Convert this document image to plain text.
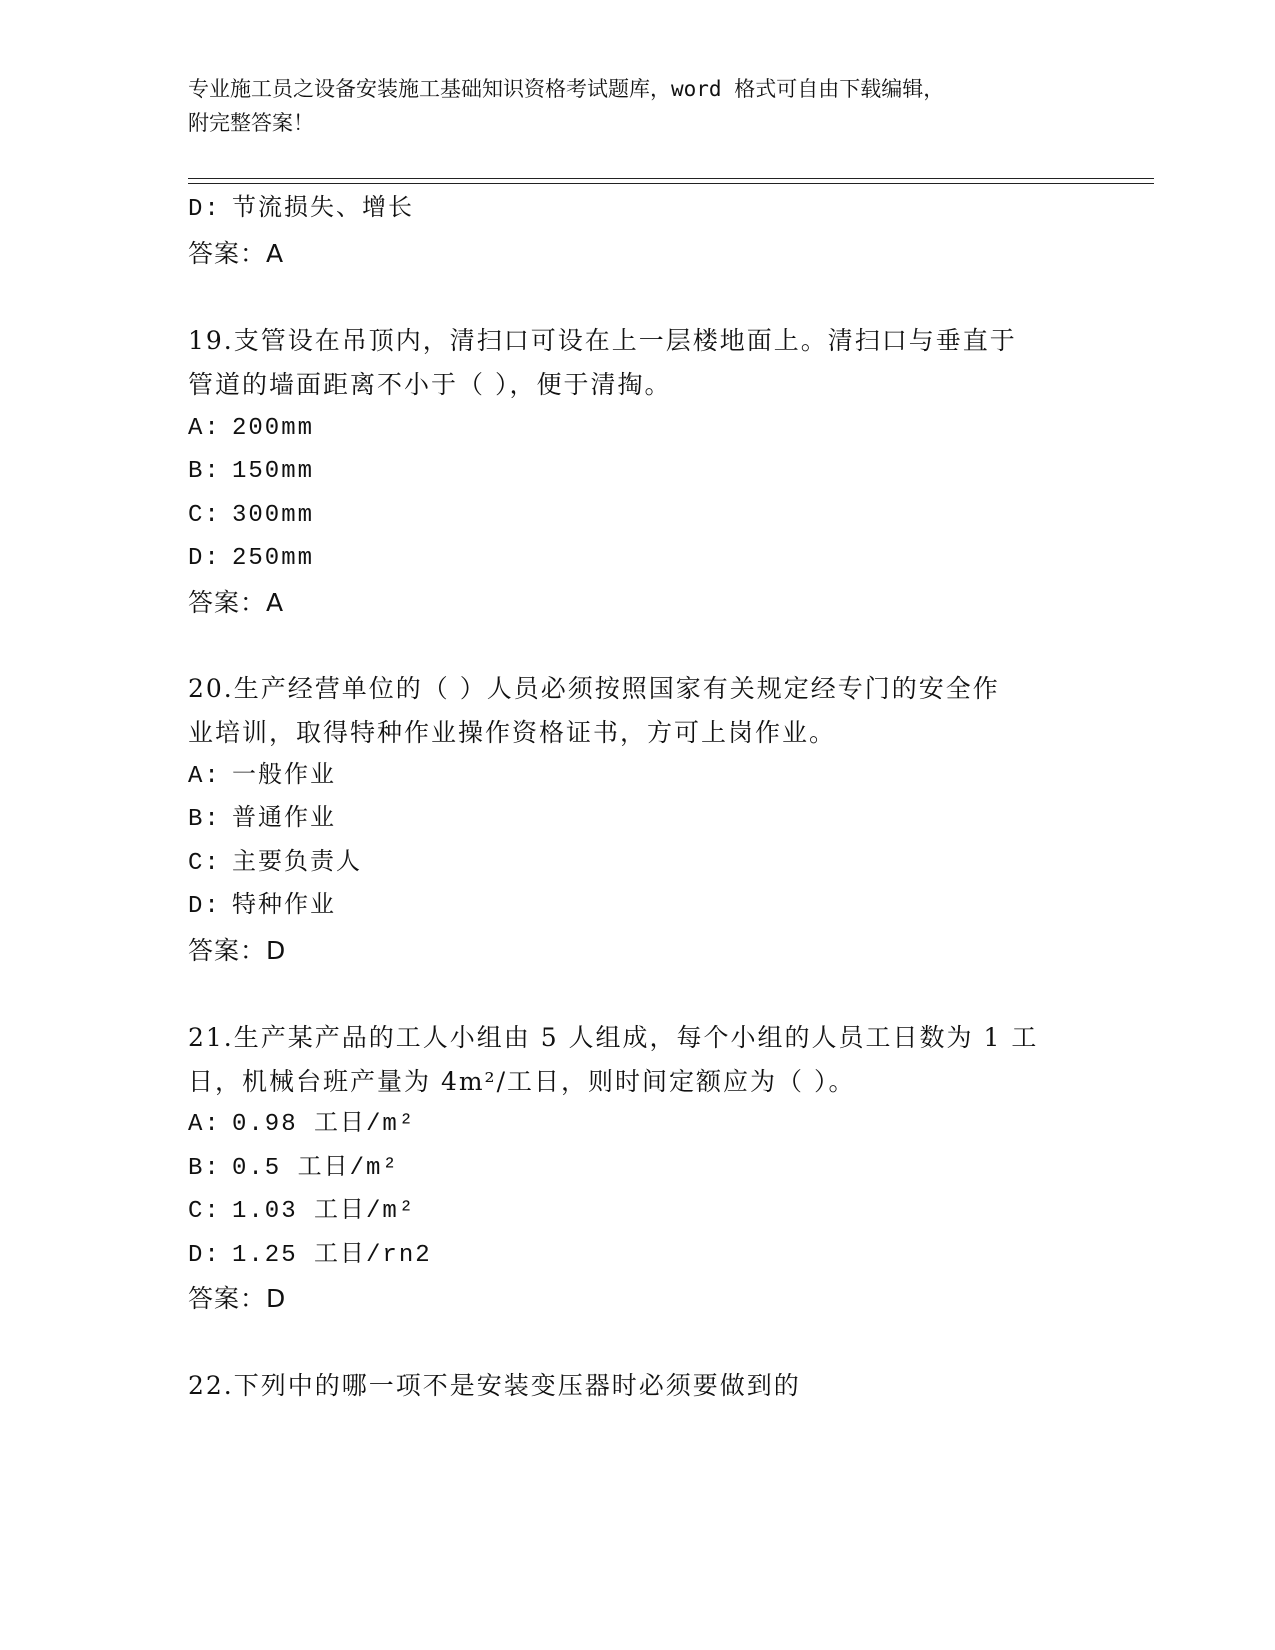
专业施工员之设备安装施工基础知识资格考试题库，word 格式可自由下载编辑，
附完整答案！
D: 节流损失、增长
答案：A
19.支管设在吊顶内，清扫口可设在上一层楼地面上。清扫口与垂直于
管道的墙面距离不小于（ ），便于清掏。
A: 200mm
B: 150mm
C: 300mm
D: 250mm
答案：A
20.生产经营单位的（ ）人员必须按照国家有关规定经专门的安全作
业培训，取得特种作业操作资格证书，方可上岗作业。
A: 一般作业
B: 普通作业
C: 主要负责人
D: 特种作业
答案：D
21.生产某产品的工人小组由 5 人组成，每个小组的人员工日数为 1 工
日，机械台班产量为 4m²/工日，则时间定额应为（ ）。
A: 0.98 工日/m²
B: 0.5 工日/m²
C: 1.03 工日/m²
D: 1.25 工日/rn2
答案：D
22.下列中的哪一项不是安装变压器时必须要做到的
